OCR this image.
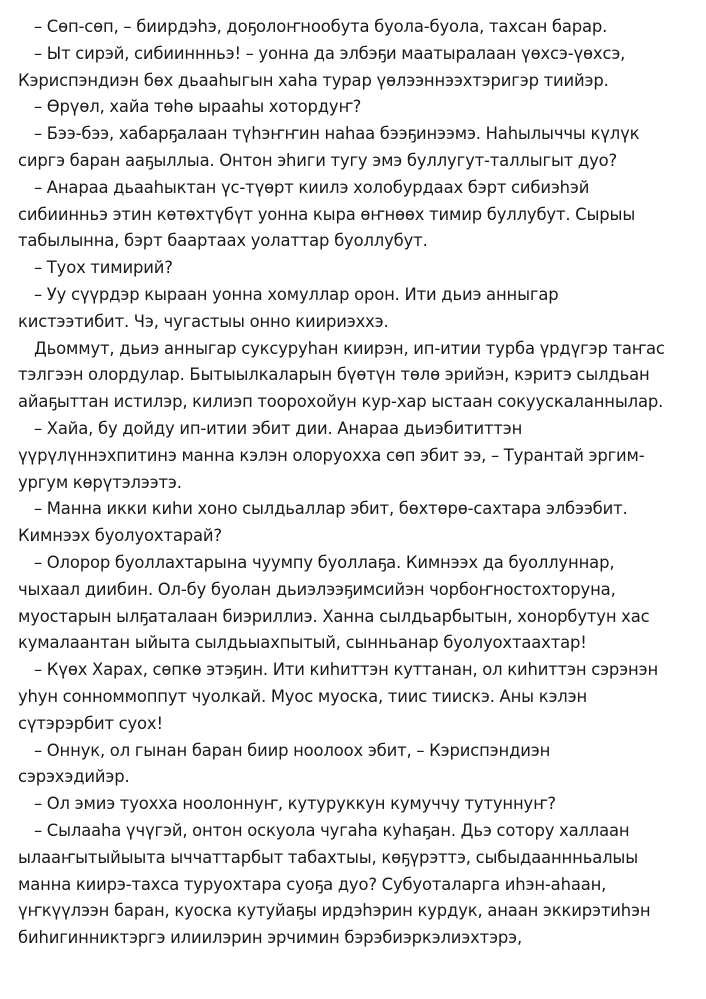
– Сөп-сөп, – биирдэһэ, доҕолоҥнообута буола-буола, тахсан барар.

– Ыт сирэй, сибииннньэ! – уонна да элбэҕи маатыралаан үөхсэ-үөхсэ,
Кэриспэндиэн бөх дьааһыгын хаһа турар үөлээннээхтэригэр тиийэр.

– Өрүөл, хайа төһө ыраaһы хотордуҥ?

– Бээ-бээ, хабарҕалаан түһэҥҥин наһаа бээҕинээмэ. Наһылыччы күлүк
сиргэ баран ааҕыллыа. Онтон эһиги тугу эмэ буллугут-таллыгыт дуо?

– Анараа дьааһыктан үс-түөрт киилэ холобурдаах бэрт сибиэһэй
сибиинньэ этин көтөхтүбүт уонна кыра өҥнөөх тимир буллубут. Сырыы
табылынна, бэрт баартаах уолаттар буоллубут.

– Туох тимирий?

– Уу сүүрдэр кыраан уонна хомуллар орон. Ити дьиэ анныгар
кистээтибит. Чэ, чугастыы онно киириэххэ.

Дьоммут, дьиэ анныгар суксуруһан киирэн, ип-итии турба үрдүгэр таҥас
тэлгээн олордулар. Бытыылкаларын бүөтүн төлө эрийэн, кэритэ сылдьан
айаҕыттан истилэр, килиэп тоорохойун кур-хар ыстаан сокуускаланнылар.

– Хайа, бу дойду ип-итии эбит дии. Анараа дьиэбититтэн
үүрүлүннэхпитинэ манна кэлэн олоруохха сөп эбит ээ, – Турантай эргим-
ургум көрүтэлээтэ.

– Манна икки киһи хоно сылдьаллар эбит, бөхтөрө-сахтара элбээбит.
Кимнээх буолуохтарай?

– Олорор буоллахтарына чуумпу буоллаҕа. Кимнээх да буоллуннар,
чыхаал диибин. Ол-бу буолан дьиэлээҕимсийэн чорбоҥностохторуна,
муостарын ылҕаталаан биэриллиэ. Ханна сылдьарбытын, хонорбутун хас
кумалаантан ыйыта сылдьыахпытый, сынньанар буолуохтаахтар!

– Күөх Харах, сөпкө этэҕин. Ити киһиттэн куттанан, ол киһиттэн сэрэнэн
уһун сонноммоппут чуолкай. Муос муоска, тиис тиискэ. Аны кэлэн
сүтэрэрбит суох!

– Оннук, ол гынан баран биир ноолоох эбит, – Кэриспэндиэн
сэрэхэдийэр.

– Ол эмиэ туохха ноолоннуҥ, кутуруккун кумуччу тутуннуҥ?

– Сылааһа үчүгэй, онтон оскуола чугаһа куһаҕан. Дьэ сотору халлаан
ылааҥытыйыыта ыччаттарбыт табахтыы, көҕүрэттэ, сыбыдааннньалыы
манна киирэ-тахса туруохтара суоҕа дуо? Субуоталарга иһэн-аһаан,
үҥкүүлээн баран, куоска кутуйаҕы ирдэһэрин курдук, анаан эккирэтиһэн
биһигинниктэргэ илиилэрин эрчимин бэрэбиэркэлиэхтэрэ,
